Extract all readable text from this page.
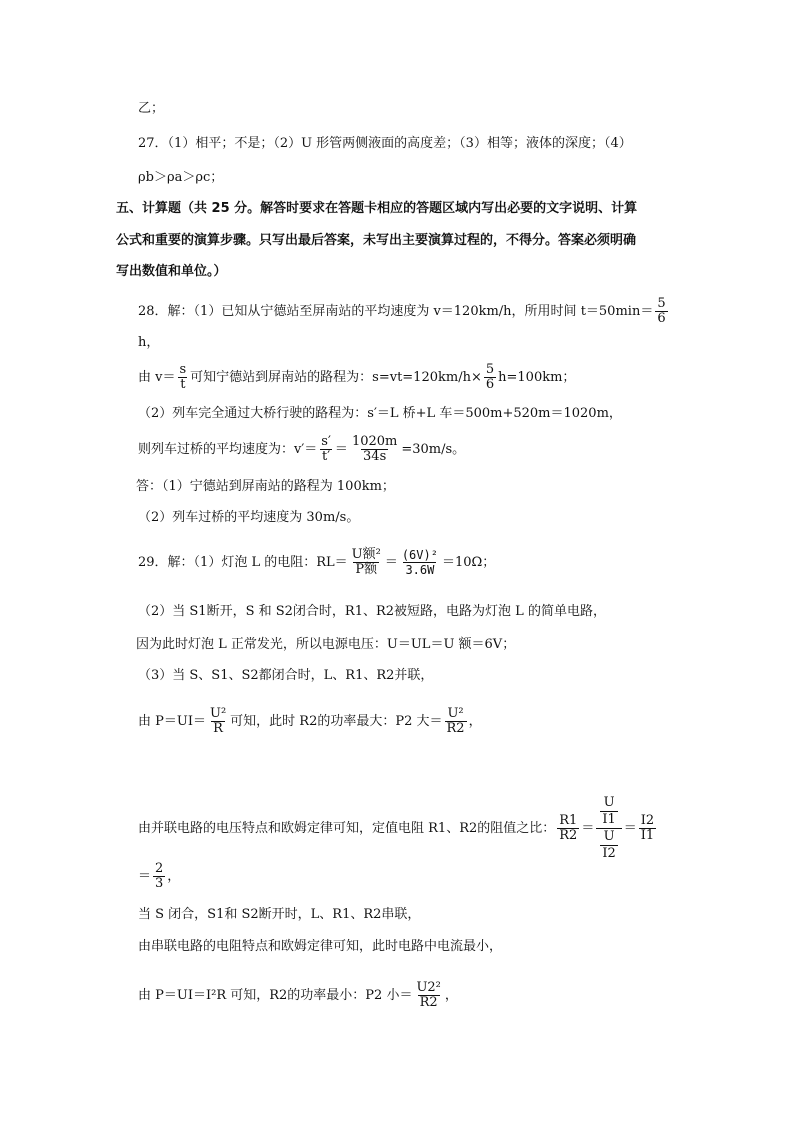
乙；
27．（1）相平；不是；（2）U 形管两侧液面的高度差；（3）相等；液体的深度；（4）
ρb＞ρa＞ρc；
五、计算题（共 25 分。解答时要求在答题卡相应的答题区域内写出必要的文字说明、计算
公式和重要的演算步骤。只写出最后答案，未写出主要演算过程的，不得分。答案必须明确
写出数值和单位。）
28．解：（1）已知从宁德站至屏南站的平均速度为 v＝120km/h，所用时间 $t=50\min= \frac{5}{6}$
h，
由 $v= \frac{s}{t}$ 可知宁德站到屏南站的路程为：$s=vt=120km/h\times \frac{5}{6} h=100km$；
（2）列车完全通过大桥行驶的路程为：s′＝L 桥+L 车＝500m+520m＝1020m，
则列车过桥的平均速度为：$v'= \frac{s'}{t'} = \frac{1020m}{34s} =30m/s$。
答：（1）宁德站到屏南站的路程为 100km；
（2）列车过桥的平均速度为 30m/s。
29．解：（1）灯泡 L 的电阻：$RL= \frac{\text{U额²}}{\text{P额}} = \frac{\text{(6V)²}}{3.6W} =10\Omega$；
（2）当 S1断开，S 和 S2闭合时，R1、R2被短路，电路为灯泡 L 的简单电路，
因为此时灯泡 L 正常发光，所以电源电压：U＝UL＝U 额＝6V；
（3）当 S、S1、S2都闭合时，L、R1、R2并联，
由 $P=UI= \frac{\text{U²}}{R}$ 可知，此时 R2的功率最大：P2 大＝ $\frac{\text{U²}}{R2}$ ，
由并联电路的电压特点和欧姆定律可知，定值电阻 R1、R2的阻值之比： $\frac{R1}{R2} = \frac{\frac{U}{I1}}{\frac{U}{I2}} = \frac{I2}{I1}$
＝ $\frac{2}{3}$ ，
当 S 闭合，S1和 S2断开时，L、R1、R2串联，
由串联电路的电阻特点和欧姆定律可知，此时电路中电流最小，
由 P＝UI＝I²R 可知，R2的功率最小：P2 小＝ $\frac{\text{U2²}}{R2}$ ，
